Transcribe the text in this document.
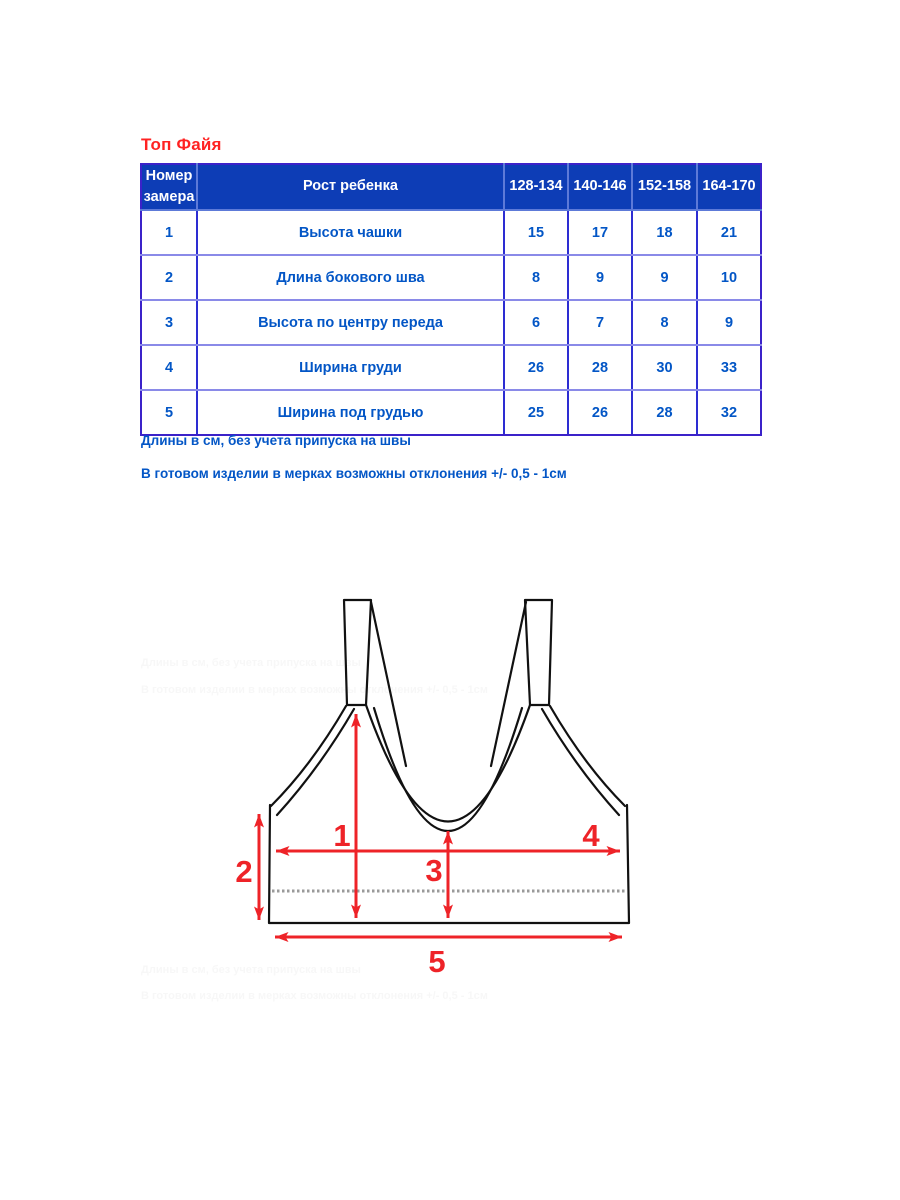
Топ Файя
Номер замера	Рост ребенка	128-134	140-146	152-158	164-170
1	Высота чашки	15	17	18	21
2	Длина бокового шва	8	9	9	10
3	Высота по центру переда	6	7	8	9
4	Ширина груди	26	28	30	33
5	Ширина под грудью	25	26	28	32
Длины в см, без учета припуска на швы
В готовом изделии в мерках возможны отклонения +/- 0,5 - 1см
Длины в см, без учета припуска на швы
В готовом изделии в мерках возможны отклонения +/- 0,5 - 1см
Длины в см, без учета припуска на швы
В готовом изделии в мерках возможны отклонения +/- 0,5 - 1см
1
2	3
4
5
